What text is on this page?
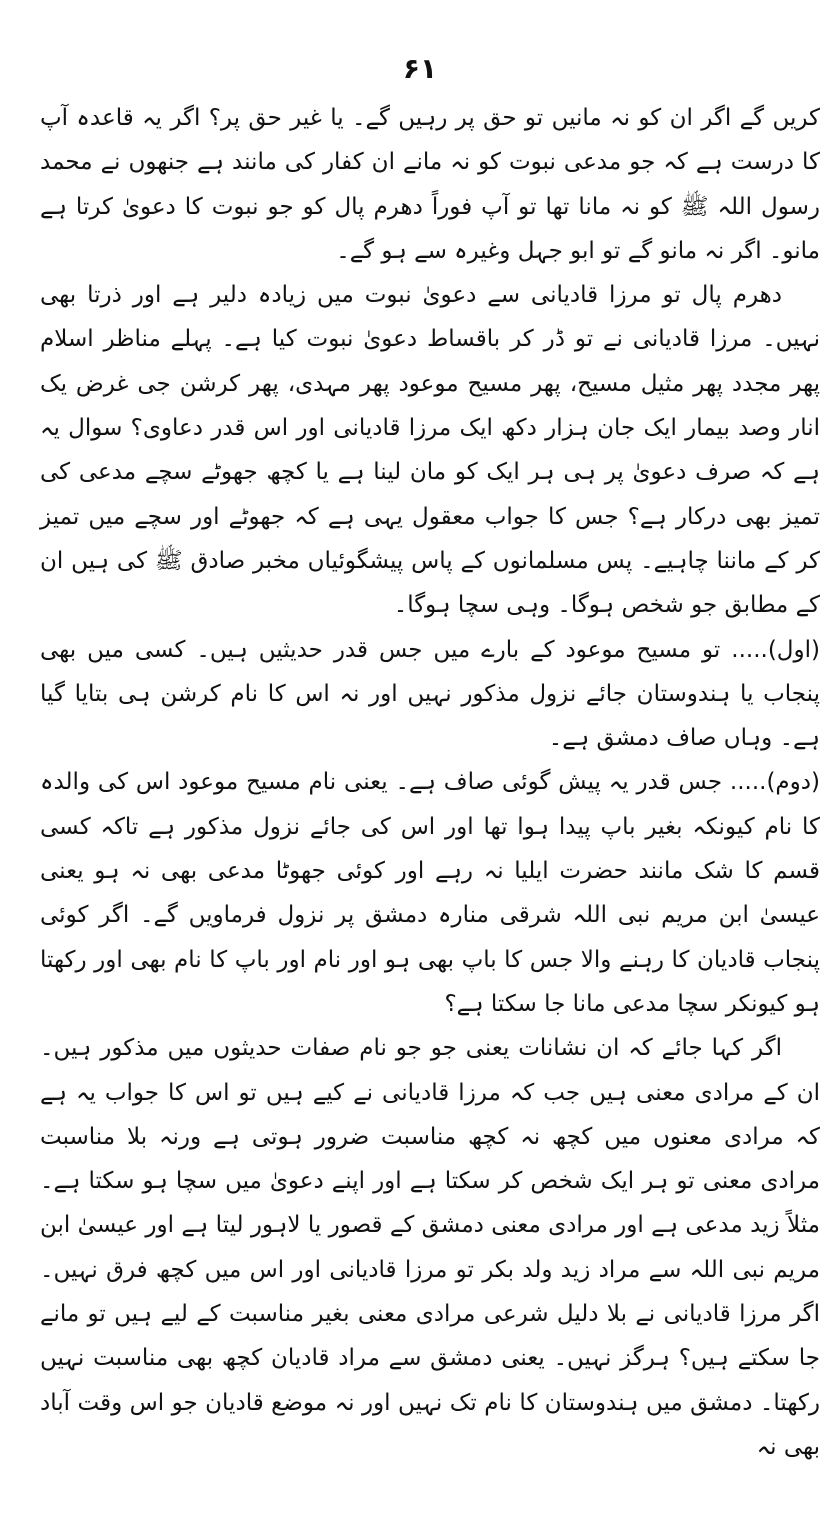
۶۱

کریں گے اگر ان کو نہ مانیں تو حق پر رہیں گے۔ یا غیر حق پر؟ اگر یہ قاعدہ آپ کا درست ہے کہ جو مدعی نبوت کو نہ مانے ان کفار کی مانند ہے جنھوں نے محمد رسول اللہ ﷺ کو نہ مانا تھا تو آپ فوراً دھرم پال کو جو نبوت کا دعویٰ کرتا ہے مانو۔ اگر نہ مانو گے تو ابو جہل وغیرہ سے ہو گے۔

دھرم پال تو مرزا قادیانی سے دعویٰ نبوت میں زیادہ دلیر ہے اور ذرتا بھی نہیں۔ مرزا قادیانی نے تو ڈر کر باقساط دعویٰ نبوت کیا ہے۔ پہلے مناظر اسلام پھر مجدد پھر مثیل مسیح، پھر مسیح موعود پھر مہدی، پھر کرشن جی غرض یک انار وصد بیمار ایک جان ہزار دکھ ایک مرزا قادیانی اور اس قدر دعاوی؟ سوال یہ ہے کہ صرف دعویٰ پر ہی ہر ایک کو مان لینا ہے یا کچھ جھوٹے سچے مدعی کی تمیز بھی درکار ہے؟ جس کا جواب معقول یہی ہے کہ جھوٹے اور سچے میں تمیز کر کے ماننا چاہیے۔ پس مسلمانوں کے پاس پیشگوئیاں مخبر صادق ﷺ کی ہیں ان کے مطابق جو شخص ہوگا۔ وہی سچا ہوگا۔

(اول)..... تو مسیح موعود کے بارے میں جس قدر حدیثیں ہیں۔ کسی میں بھی پنجاب یا ہندوستان جائے نزول مذکور نہیں اور نہ اس کا نام کرشن ہی بتایا گیا ہے۔ وہاں صاف دمشق ہے۔

(دوم)..... جس قدر یہ پیش گوئی صاف ہے۔ یعنی نام مسیح موعود اس کی والدہ کا نام کیونکہ بغیر باپ پیدا ہوا تھا اور اس کی جائے نزول مذکور ہے تاکہ کسی قسم کا شک مانند حضرت ایلیا نہ رہے اور کوئی جھوٹا مدعی بھی نہ ہو یعنی عیسیٰ ابن مریم نبی اللہ شرقی منارہ دمشق پر نزول فرماویں گے۔ اگر کوئی پنجاب قادیان کا رہنے والا جس کا باپ بھی ہو اور نام اور باپ کا نام بھی اور رکھتا ہو کیونکر سچا مدعی مانا جا سکتا ہے؟

اگر کہا جائے کہ ان نشانات یعنی جو جو نام صفات حدیثوں میں مذکور ہیں۔ ان کے مرادی معنی ہیں جب کہ مرزا قادیانی نے کیے ہیں تو اس کا جواب یہ ہے کہ مرادی معنوں میں کچھ نہ کچھ مناسبت ضرور ہوتی ہے ورنہ بلا مناسبت مرادی معنی تو ہر ایک شخص کر سکتا ہے اور اپنے دعویٰ میں سچا ہو سکتا ہے۔ مثلاً زید مدعی ہے اور مرادی معنی دمشق کے قصور یا لاہور لیتا ہے اور عیسیٰ ابن مریم نبی اللہ سے مراد زید ولد بکر تو مرزا قادیانی اور اس میں کچھ فرق نہیں۔ اگر مرزا قادیانی نے بلا دلیل شرعی مرادی معنی بغیر مناسبت کے لیے ہیں تو مانے جا سکتے ہیں؟ ہرگز نہیں۔ یعنی دمشق سے مراد قادیان کچھ بھی مناسبت نہیں رکھتا۔ دمشق میں ہندوستان کا نام تک نہیں اور نہ موضع قادیان جو اس وقت آباد بھی نہ
